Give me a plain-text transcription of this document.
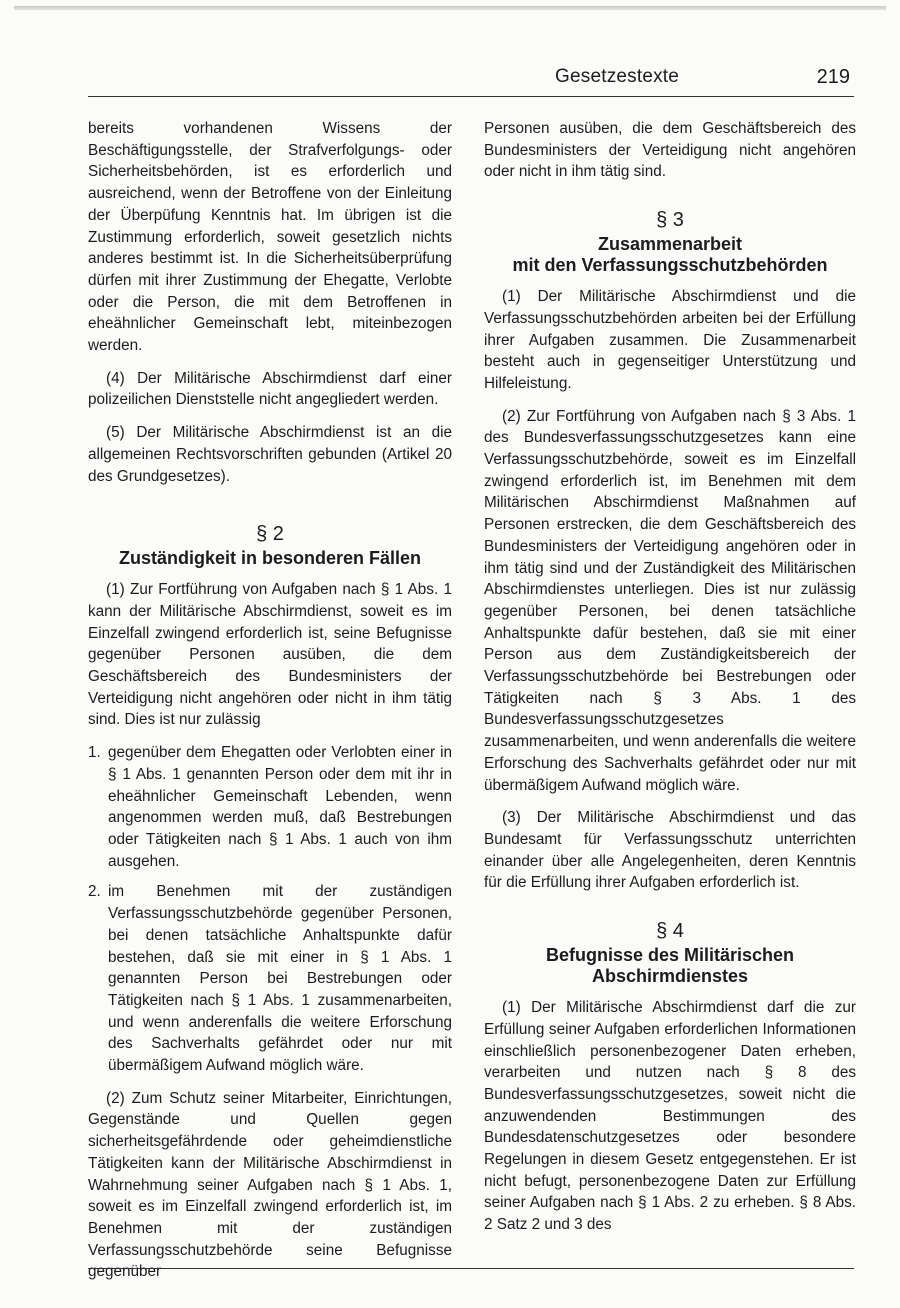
Gesetzestexte	219

bereits vorhandenen Wissens der Beschäftigungsstelle, der Strafverfolgungs- oder Sicherheitsbehörden, ist es erforderlich und ausreichend, wenn der Betroffene von der Einleitung der Überpüfung Kenntnis hat. Im übrigen ist die Zustimmung erforderlich, soweit gesetzlich nichts anderes bestimmt ist. In die Sicherheitsüberprüfung dürfen mit ihrer Zustimmung der Ehegatte, Verlobte oder die Person, die mit dem Betroffenen in eheähnlicher Gemeinschaft lebt, miteinbezogen werden.

(4) Der Militärische Abschirmdienst darf einer polizeilichen Dienststelle nicht angegliedert werden.

(5) Der Militärische Abschirmdienst ist an die allgemeinen Rechtsvorschriften gebunden (Artikel 20 des Grundgesetzes).

§ 2
Zuständigkeit in besonderen Fällen

(1) Zur Fortführung von Aufgaben nach § 1 Abs. 1 kann der Militärische Abschirmdienst, soweit es im Einzelfall zwingend erforderlich ist, seine Befugnisse gegenüber Personen ausüben, die dem Geschäftsbereich des Bundesministers der Verteidigung nicht angehören oder nicht in ihm tätig sind. Dies ist nur zulässig

1. gegenüber dem Ehegatten oder Verlobten einer in § 1 Abs. 1 genannten Person oder dem mit ihr in eheähnlicher Gemeinschaft Lebenden, wenn angenommen werden muß, daß Bestrebungen oder Tätigkeiten nach § 1 Abs. 1 auch von ihm ausgehen.
2. im Benehmen mit der zuständigen Verfassungsschutzbehörde gegenüber Personen, bei denen tatsächliche Anhaltspunkte dafür bestehen, daß sie mit einer in § 1 Abs. 1 genannten Person bei Bestrebungen oder Tätigkeiten nach § 1 Abs. 1 zusammenarbeiten, und wenn anderenfalls die weitere Erforschung des Sachverhalts gefährdet oder nur mit übermäßigem Aufwand möglich wäre.

(2) Zum Schutz seiner Mitarbeiter, Einrichtungen, Gegenstände und Quellen gegen sicherheitsgefährdende oder geheimdienstliche Tätigkeiten kann der Militärische Abschirmdienst in Wahrnehmung seiner Aufgaben nach § 1 Abs. 1, soweit es im Einzelfall zwingend erforderlich ist, im Benehmen mit der zuständigen Verfassungsschutzbehörde seine Befugnisse gegenüber

Personen ausüben, die dem Geschäftsbereich des Bundesministers der Verteidigung nicht angehören oder nicht in ihm tätig sind.

§ 3
Zusammenarbeit
mit den Verfassungsschutzbehörden

(1) Der Militärische Abschirmdienst und die Verfassungsschutzbehörden arbeiten bei der Erfüllung ihrer Aufgaben zusammen. Die Zusammenarbeit besteht auch in gegenseitiger Unterstützung und Hilfeleistung.

(2) Zur Fortführung von Aufgaben nach § 3 Abs. 1 des Bundesverfassungsschutzgesetzes kann eine Verfassungsschutzbehörde, soweit es im Einzelfall zwingend erforderlich ist, im Benehmen mit dem Militärischen Abschirmdienst Maßnahmen auf Personen erstrecken, die dem Geschäftsbereich des Bundesministers der Verteidigung angehören oder in ihm tätig sind und der Zuständigkeit des Militärischen Abschirmdienstes unterliegen. Dies ist nur zulässig gegenüber Personen, bei denen tatsächliche Anhaltspunkte dafür bestehen, daß sie mit einer Person aus dem Zuständigkeitsbereich der Verfassungsschutzbehörde bei Bestrebungen oder Tätigkeiten nach § 3 Abs. 1 des Bundesverfassungsschutzgesetzes zusammenarbeiten, und wenn anderenfalls die weitere Erforschung des Sachverhalts gefährdet oder nur mit übermäßigem Aufwand möglich wäre.

(3) Der Militärische Abschirmdienst und das Bundesamt für Verfassungsschutz unterrichten einander über alle Angelegenheiten, deren Kenntnis für die Erfüllung ihrer Aufgaben erforderlich ist.

§ 4
Befugnisse des Militärischen
Abschirmdienstes

(1) Der Militärische Abschirmdienst darf die zur Erfüllung seiner Aufgaben erforderlichen Informationen einschließlich personenbezogener Daten erheben, verarbeiten und nutzen nach § 8 des Bundesverfassungsschutzgesetzes, soweit nicht die anzuwendenden Bestimmungen des Bundesdatenschutzgesetzes oder besondere Regelungen in diesem Gesetz entgegenstehen. Er ist nicht befugt, personenbezogene Daten zur Erfüllung seiner Aufgaben nach § 1 Abs. 2 zu erheben. § 8 Abs. 2 Satz 2 und 3 des
